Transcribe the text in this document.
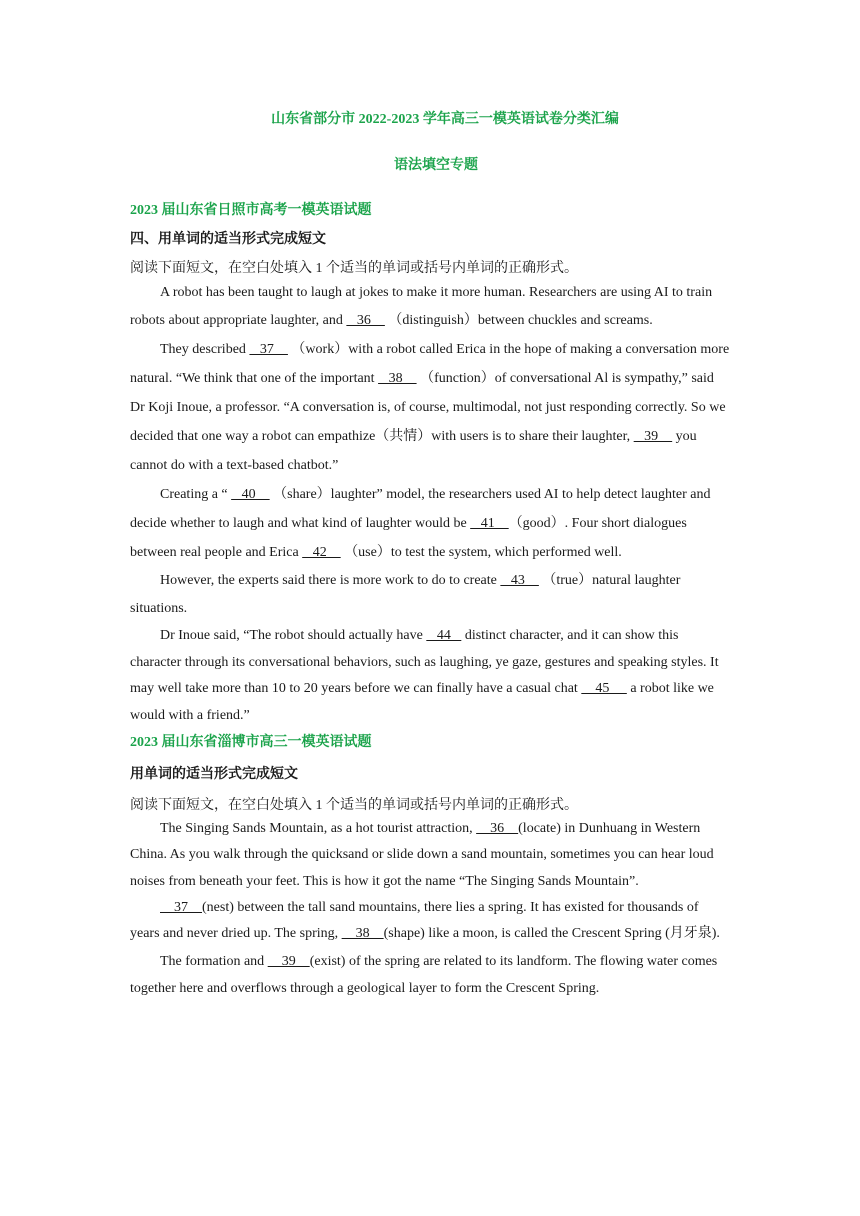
山东省部分市 2022-2023 学年高三一模英语试卷分类汇编
语法填空专题
2023 届山东省日照市高考一模英语试题
四、用单词的适当形式完成短文
阅读下面短文，在空白处填入 1 个适当的单词或括号内单词的正确形式。
A robot has been taught to laugh at jokes to make it more human. Researchers are using AI to train robots about appropriate laughter, and    36     （distinguish）between chuckles and screams.
They described    37     （work）with a robot called Erica in the hope of making a conversation more natural. “We think that one of the important    38     （function）of conversational Al is sympathy,” said Dr Koji Inoue, a professor. “A conversation is, of course, multimodal, not just responding correctly. So we decided that one way a robot can empathize（共情）with users is to share their laughter,    39     you cannot do with a text-based chatbot.”
Creating a “    40     （share）laughter” model, the researchers used AI to help detect laughter and decide whether to laugh and what kind of laughter would be    41    （good）. Four short dialogues between real people and Erica    42     （use）to test the system, which performed well.
However, the experts said there is more work to do to create    43     （true）natural laughter situations.
Dr Inoue said, “The robot should actually have    44    distinct character, and it can show this character through its conversational behaviors, such as laughing, ye gaze, gestures and speaking styles. It may well take more than 10 to 20 years before we can finally have a casual chat     45      a robot like we would with a friend.”
2023 届山东省淄博市高三一模英语试题
用单词的适当形式完成短文
阅读下面短文，在空白处填入 1 个适当的单词或括号内单词的正确形式。
The Singing Sands Mountain, as a hot tourist attraction,     36    (locate) in Dunhuang in Western China. As you walk through the quicksand or slide down a sand mountain, sometimes you can hear loud noises from beneath your feet. This is how it got the name “The Singing Sands Mountain”.
37    (nest) between the tall sand mountains, there lies a spring. It has existed for thousands of years and never dried up. The spring,     38    (shape) like a moon, is called the Crescent Spring (月牙泉).
The formation and     39    (exist) of the spring are related to its landform. The flowing water comes together here and overflows through a geological layer to form the Crescent Spring.
